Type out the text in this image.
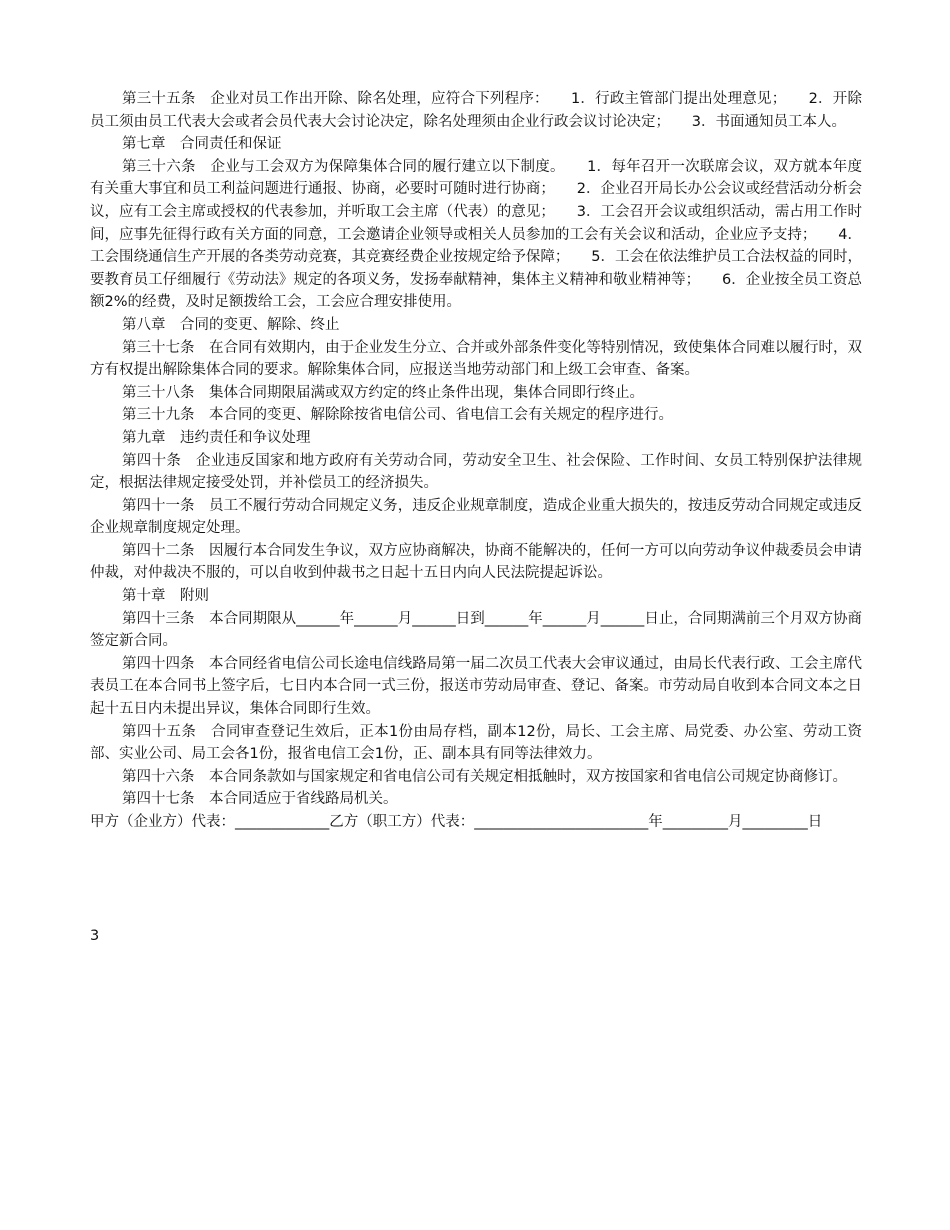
第三十五条　企业对员工作出开除、除名处理，应符合下列程序：　　1．行政主管部门提出处理意见；　　2．开除员工须由员工代表大会或者会员代表大会讨论决定，除名处理须由企业行政会议讨论决定；　　3．书面通知员工本人。

第七章　合同责任和保证

第三十六条　企业与工会双方为保障集体合同的履行建立以下制度。　　1．每年召开一次联席会议，双方就本年度有关重大事宜和员工利益问题进行通报、协商，必要时可随时进行协商；　　2．企业召开局长办公会议或经营活动分析会议，应有工会主席或授权的代表参加，并听取工会主席（代表）的意见；　　3．工会召开会议或组织活动，需占用工作时间，应事先征得行政有关方面的同意，工会邀请企业领导或相关人员参加的工会有关会议和活动，企业应予支持；　　4．工会围绕通信生产开展的各类劳动竞赛，其竞赛经费企业按规定给予保障；　　5．工会在依法维护员工合法权益的同时，要教育员工仔细履行《劳动法》规定的各项义务，发扬奉献精神，集体主义精神和敬业精神等；　　6．企业按全员工资总额2%的经费，及时足额拨给工会，工会应合理安排使用。

第八章　合同的变更、解除、终止

第三十七条　在合同有效期内，由于企业发生分立、合并或外部条件变化等特别情况，致使集体合同难以履行时，双方有权提出解除集体合同的要求。解除集体合同，应报送当地劳动部门和上级工会审查、备案。

第三十八条　集体合同期限届满或双方约定的终止条件出现，集体合同即行终止。

第三十九条　本合同的变更、解除除按省电信公司、省电信工会有关规定的程序进行。

第九章　违约责任和争议处理

第四十条　企业违反国家和地方政府有关劳动合同，劳动安全卫生、社会保险、工作时间、女员工特别保护法律规定，根据法律规定接受处罚，并补偿员工的经济损失。

第四十一条　员工不履行劳动合同规定义务，违反企业规章制度，造成企业重大损失的，按违反劳动合同规定或违反企业规章制度规定处理。

第四十二条　因履行本合同发生争议，双方应协商解决，协商不能解决的，任何一方可以向劳动争议仲裁委员会申请仲裁，对仲裁决不服的，可以自收到仲裁书之日起十五日内向人民法院提起诉讼。

第十章　附则

第四十三条　本合同期限从______年______月______日到______年______月______日止，合同期满前三个月双方协商签定新合同。

第四十四条　本合同经省电信公司长途电信线路局第一届二次员工代表大会审议通过，由局长代表行政、工会主席代表员工在本合同书上签字后，七日内本合同一式三份，报送市劳动局审查、登记、备案。市劳动局自收到本合同文本之日起十五日内未提出异议，集体合同即行生效。

第四十五条　合同审查登记生效后，正本1份由局存档，副本12份，局长、工会主席、局党委、办公室、劳动工资部、实业公司、局工会各1份，报省电信工会1份，正、副本具有同等法律效力。

第四十六条　本合同条款如与国家规定和省电信公司有关规定相抵触时，双方按国家和省电信公司规定协商修订。

第四十七条　本合同适应于省线路局机关。

甲方（企业方）代表：_____________乙方（职工方）代表：________________________年_________月_________日

3
